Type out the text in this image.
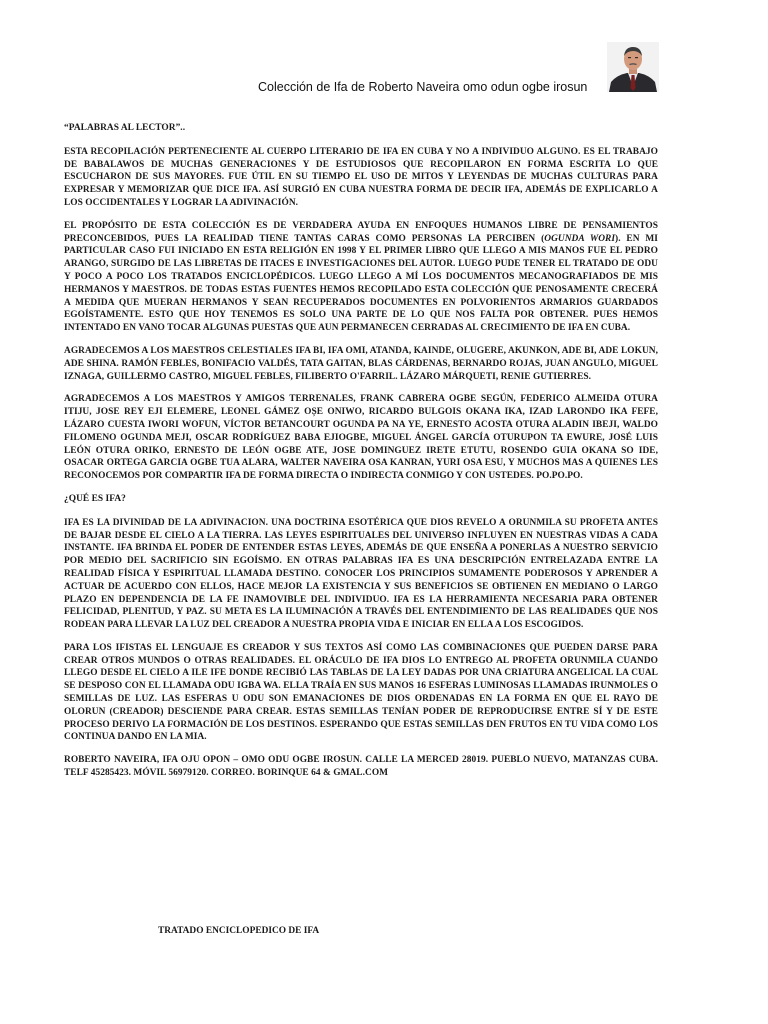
Colección de Ifa de Roberto Naveira omo odun ogbe irosun

“PALABRAS AL LECTOR”..

ESTA RECOPILACIÓN PERTENECIENTE AL CUERPO LITERARIO DE IFA EN CUBA Y NO A INDIVIDUO ALGUNO. ES EL TRABAJO DE BABALAWOS DE MUCHAS GENERACIONES Y DE ESTUDIOSOS QUE RECOPILARON EN FORMA ESCRITA LO QUE ESCUCHARON DE SUS MAYORES. FUE ÚTIL EN SU TIEMPO EL USO DE MITOS Y LEYENDAS DE MUCHAS CULTURAS PARA EXPRESAR Y MEMORIZAR QUE DICE IFA. ASÍ SURGIÓ EN CUBA NUESTRA FORMA DE DECIR IFA, ADEMÁS DE EXPLICARLO A LOS OCCIDENTALES Y LOGRAR LA ADIVINACIÓN.

EL PROPÓSITO DE ESTA COLECCIÓN ES DE VERDADERA AYUDA EN ENFOQUES HUMANOS LIBRE DE PENSAMIENTOS PRECONCEBIDOS, PUES LA REALIDAD TIENE TANTAS CARAS COMO PERSONAS LA PERCIBEN (OGUNDA WORI). EN MI PARTICULAR CASO FUI INICIADO EN ESTA RELIGIÓN EN 1998 Y EL PRIMER LIBRO QUE LLEGO A MIS MANOS FUE EL PEDRO ARANGO, SURGIDO DE LAS LIBRETAS DE ITACES E INVESTIGACIONES DEL AUTOR. LUEGO PUDE TENER EL TRATADO DE ODU Y POCO A POCO LOS TRATADOS ENCICLOPÉDICOS. LUEGO LLEGO A MÍ LOS DOCUMENTOS MECANOGRAFIADOS DE MIS HERMANOS Y MAESTROS. DE TODAS ESTAS FUENTES HEMOS RECOPILADO ESTA COLECCIÓN QUE PENOSAMENTE CRECERÁ A MEDIDA QUE MUERAN HERMANOS Y SEAN RECUPERADOS DOCUMENTES EN POLVORIENTOS ARMARIOS GUARDADOS EGOÍSTAMENTE. ESTO QUE HOY TENEMOS ES SOLO UNA PARTE DE LO QUE NOS FALTA POR OBTENER. PUES HEMOS INTENTADO EN VANO TOCAR ALGUNAS PUESTAS QUE AUN PERMANECEN CERRADAS AL CRECIMIENTO DE IFA EN CUBA.

AGRADECEMOS A LOS MAESTROS CELESTIALES IFA BI, IFA OMI, ATANDA, KAINDE, OLUGERE, AKUNKON, ADE BI, ADE LOKUN, ADE SHINA. RAMÓN FEBLES, BONIFACIO VALDÉS, TATA GAITAN, BLAS CÁRDENAS, BERNARDO ROJAS, JUAN ANGULO, MIGUEL IZNAGA, GUILLERMO CASTRO, MIGUEL FEBLES, FILIBERTO O'FARRIL. LÁZARO MÁRQUETI, RENIE GUTIERRES.

AGRADECEMOS A LOS MAESTROS Y AMIGOS TERRENALES, FRANK CABRERA OGBE SEGÚN, FEDERICO ALMEIDA OTURA ITIJU, JOSE REY EJI ELEMERE, LEONEL GÁMEZ OȘE ONIWO, RICARDO BULGOIS OKANA IKA, IZAD LARONDO IKA FEFE, LÁZARO CUESTA IWORI WOFUN, VÍCTOR BETANCOURT OGUNDA PA NA YE, ERNESTO ACOSTA OTURA ALADIN IBEJI, WALDO FILOMENO OGUNDA MEJI, OSCAR RODRÍGUEZ BABA EJIOGBE, MIGUEL ÁNGEL GARCÍA OTURUPON TA EWURE, JOSÉ LUIS LEÓN OTURA ORIKO, ERNESTO DE LEÓN OGBE ATE, JOSE DOMINGUEZ IRETE ETUTU, ROSENDO GUIA OKANA SO IDE, OSACAR ORTEGA GARCIA OGBE TUA ALARA, WALTER NAVEIRA OSA KANRAN, YURI OSA ESU, Y MUCHOS MAS A QUIENES LES RECONOCEMOS POR COMPARTIR IFA DE FORMA DIRECTA O INDIRECTA CONMIGO Y CON USTEDES. PO.PO.PO.

¿QUÉ ES IFA?

IFA ES LA DIVINIDAD DE LA ADIVINACION. UNA DOCTRINA ESOTÉRICA QUE DIOS REVELO A ORUNMILA SU PROFETA ANTES DE BAJAR DESDE EL CIELO A LA TIERRA. LAS LEYES ESPIRITUALES DEL UNIVERSO INFLUYEN EN NUESTRAS VIDAS A CADA INSTANTE. IFA BRINDA EL PODER DE ENTENDER ESTAS LEYES, ADEMÁS DE QUE ENSEÑA A PONERLAS A NUESTRO SERVICIO POR MEDIO DEL SACRIFICIO SIN EGOÍSMO. EN OTRAS PALABRAS IFA ES UNA DESCRIPCIÓN ENTRELAZADA ENTRE LA REALIDAD FÍSICA Y ESPIRITUAL LLAMADA DESTINO. CONOCER LOS PRINCIPIOS SUMAMENTE PODEROSOS Y APRENDER A ACTUAR DE ACUERDO CON ELLOS, HACE MEJOR LA EXISTENCIA Y SUS BENEFICIOS SE OBTIENEN EN MEDIANO O LARGO PLAZO EN DEPENDENCIA DE LA FE INAMOVIBLE DEL INDIVIDUO. IFA ES LA HERRAMIENTA NECESARIA PARA OBTENER FELICIDAD, PLENITUD, Y PAZ. SU META ES LA ILUMINACIÓN A TRAVÉS DEL ENTENDIMIENTO DE LAS REALIDADES QUE NOS RODEAN PARA LLEVAR LA LUZ DEL CREADOR A NUESTRA PROPIA VIDA E INICIAR EN ELLA A LOS ESCOGIDOS.

PARA LOS IFISTAS EL LENGUAJE ES CREADOR Y SUS TEXTOS ASÍ COMO LAS COMBINACIONES QUE PUEDEN DARSE PARA CREAR OTROS MUNDOS O OTRAS REALIDADES. EL ORÁCULO DE IFA DIOS LO ENTREGO AL PROFETA ORUNMILA CUANDO LLEGO DESDE EL CIELO A ILE IFE DONDE RECIBIÓ LAS TABLAS DE LA LEY DADAS POR UNA CRIATURA ANGELICAL LA CUAL SE DESPOSO CON EL LLAMADA ODU IGBA WA. ELLA TRAÍA EN SUS MANOS 16 ESFERAS LUMINOSAS LLAMADAS IRUNMOLES O SEMILLAS DE LUZ. LAS ESFERAS U ODU SON EMANACIONES DE DIOS ORDENADAS EN LA FORMA EN QUE EL RAYO DE OLORUN (CREADOR) DESCIENDE PARA CREAR. ESTAS SEMILLAS TENÍAN PODER DE REPRODUCIRSE ENTRE SÍ Y DE ESTE PROCESO DERIVO LA FORMACIÓN DE LOS DESTINOS. ESPERANDO QUE ESTAS SEMILLAS DEN FRUTOS EN TU VIDA COMO LOS CONTINUA DANDO EN LA MIA.

ROBERTO NAVEIRA, IFA OJU OPON – OMO ODU OGBE IROSUN. CALLE LA MERCED 28019. PUEBLO NUEVO, MATANZAS CUBA. TELF 45285423. MÓVIL 56979120. CORREO. BORINQUE 64 & GMAL.COM

TRATADO ENCICLOPEDICO DE IFA
